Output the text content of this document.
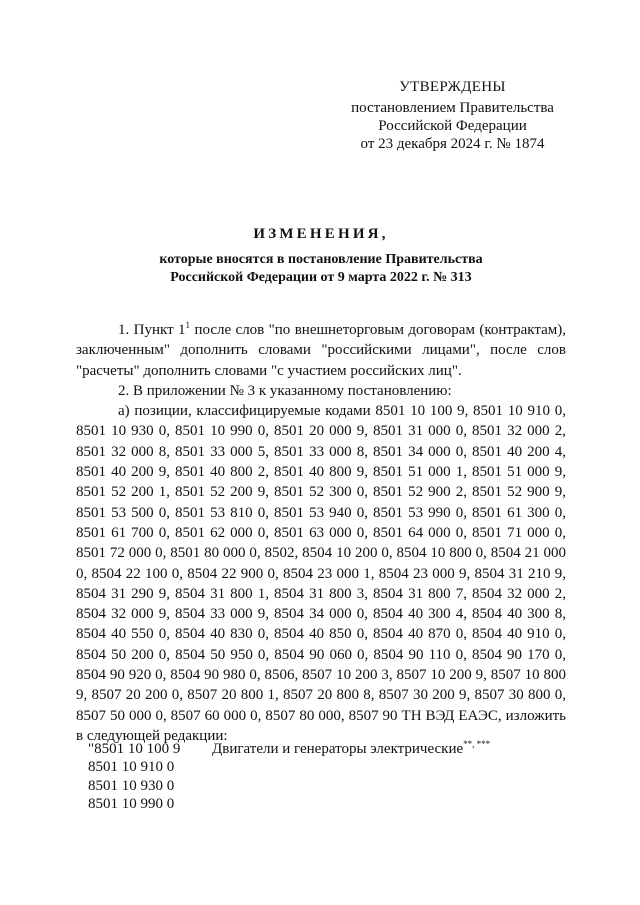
УТВЕРЖДЕНЫ
постановлением Правительства
Российской Федерации
от 23 декабря 2024 г. № 1874
ИЗМЕНЕНИЯ,
которые вносятся в постановление Правительства
Российской Федерации от 9 марта 2022 г. № 313

1. Пункт $1^1$ после слов "по внешнеторговым договорам (контрактам), заключенным" дополнить словами "российскими лицами", после слов "расчеты" дополнить словами "с участием российских лиц".

2. В приложении № 3 к указанному постановлению:

а) позиции, классифицируемые кодами 8501 10 100 9, 8501 10 910 0, 8501 10 930 0, 8501 10 990 0, 8501 20 000 9, 8501 31 000 0, 8501 32 000 2, 8501 32 000 8, 8501 33 000 5, 8501 33 000 8, 8501 34 000 0, 8501 40 200 4, 8501 40 200 9, 8501 40 800 2, 8501 40 800 9, 8501 51 000 1, 8501 51 000 9, 8501 52 200 1, 8501 52 200 9, 8501 52 300 0, 8501 52 900 2, 8501 52 900 9, 8501 53 500 0, 8501 53 810 0, 8501 53 940 0, 8501 53 990 0, 8501 61 300 0, 8501 61 700 0, 8501 62 000 0, 8501 63 000 0, 8501 64 000 0, 8501 71 000 0, 8501 72 000 0, 8501 80 000 0, 8502, 8504 10 200 0, 8504 10 800 0, 8504 21 000 0, 8504 22 100 0, 8504 22 900 0, 8504 23 000 1, 8504 23 000 9, 8504 31 210 9, 8504 31 290 9, 8504 31 800 1, 8504 31 800 3, 8504 31 800 7, 8504 32 000 2, 8504 32 000 9, 8504 33 000 9, 8504 34 000 0, 8504 40 300 4, 8504 40 300 8, 8504 40 550 0, 8504 40 830 0, 8504 40 850 0, 8504 40 870 0, 8504 40 910 0, 8504 50 200 0, 8504 50 950 0, 8504 90 060 0, 8504 90 110 0, 8504 90 170 0, 8504 90 920 0, 8504 90 980 0, 8506, 8507 10 200 3, 8507 10 200 9, 8507 10 800 9, 8507 20 200 0, 8507 20 800 1, 8507 20 800 8, 8507 30 200 9, 8507 30 800 0, 8507 50 000 0, 8507 60 000 0, 8507 80 000, 8507 90 ТН ВЭД ЕАЭС, изложить в следующей редакции:

"8501 10 100 9
8501 10 910 0
8501 10 930 0
8501 10 990 0
Двигатели и генераторы электрические**, ***
